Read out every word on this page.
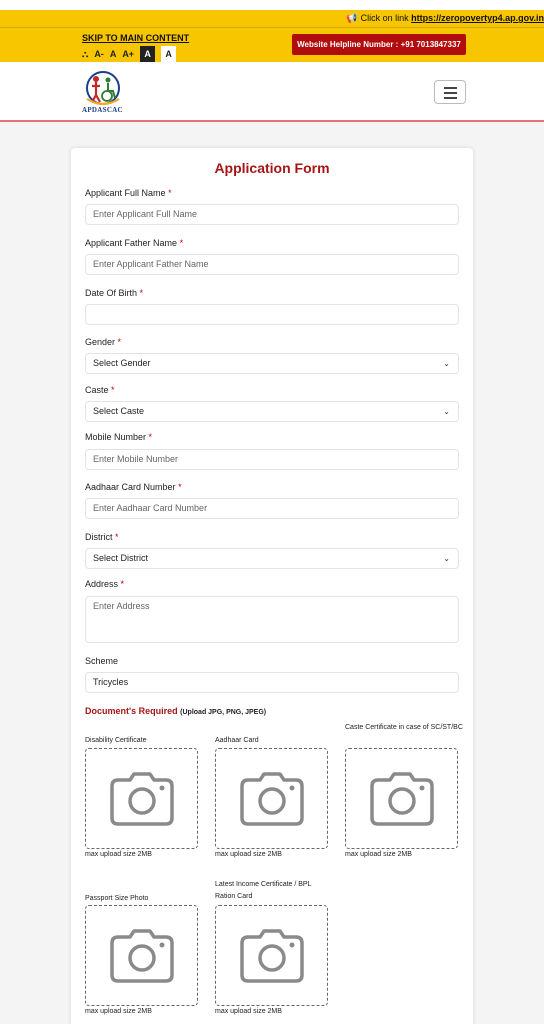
📢 Click on link https://zeropovertyp4.ap.gov.in
SKIP TO MAIN CONTENT
⛬ A- A A+	A	A
Website Helpline Number : +91 7013847337
APDASCAC
Application Form
Applicant Full Name *
Enter Applicant Full Name
Applicant Father Name *
Enter Applicant Father Name
Date Of Birth *
Gender *
Select Gender	⌄
Caste *
Select Caste	⌄
Mobile Number *
Enter Mobile Number
Aadhaar Card Number *
Enter Aadhaar Card Number
District *
Select District	⌄
Address *
Enter Address
Scheme
Tricycles
Document's Required (Upload JPG, PNG, JPEG)
Disability Certificate
max upload size 2MB
Aadhaar Card
max upload size 2MB
Caste Certificate in case of SC/ST/BC
max upload size 2MB
Passport Size Photo
max upload size 2MB
Latest Income Certificate / BPL Ration Card
max upload size 2MB
